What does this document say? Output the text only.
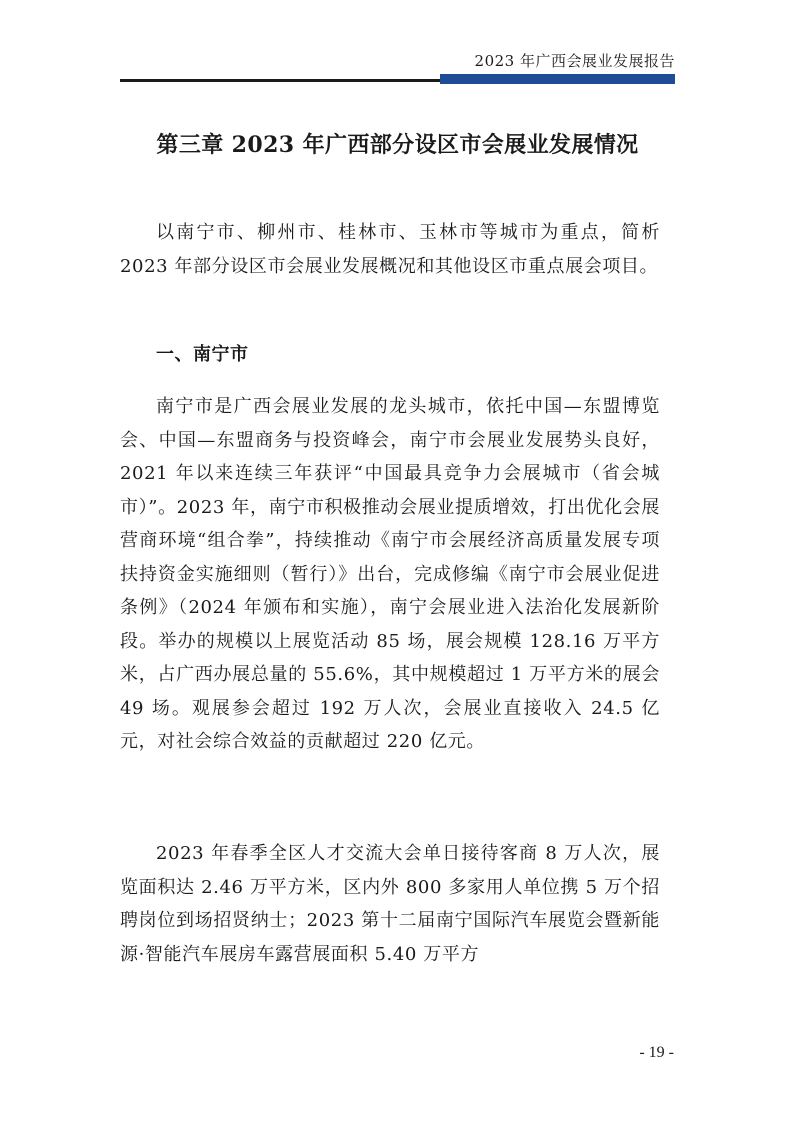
2023 年广西会展业发展报告
第三章 2023 年广西部分设区市会展业发展情况

以南宁市、柳州市、桂林市、玉林市等城市为重点，简析 2023 年部分设区市会展业发展概况和其他设区市重点展会项目。

一、南宁市

南宁市是广西会展业发展的龙头城市，依托中国—东盟博览会、中国—东盟商务与投资峰会，南宁市会展业发展势头良好，2021 年以来连续三年获评“中国最具竞争力会展城市（省会城市）”。2023 年，南宁市积极推动会展业提质增效，打出优化会展营商环境“组合拳”，持续推动《南宁市会展经济高质量发展专项扶持资金实施细则（暂行）》出台，完成修编《南宁市会展业促进条例》（2024 年颁布和实施），南宁会展业进入法治化发展新阶段。举办的规模以上展览活动 85 场，展会规模 128.16 万平方米，占广西办展总量的 55.6%，其中规模超过 1 万平方米的展会 49 场。观展参会超过 192 万人次，会展业直接收入 24.5 亿元，对社会综合效益的贡献超过 220 亿元。

2023 年春季全区人才交流大会单日接待客商 8 万人次，展览面积达 2.46 万平方米，区内外 800 多家用人单位携 5 万个招聘岗位到场招贤纳士；2023 第十二届南宁国际汽车展览会暨新能源·智能汽车展房车露营展面积 5.40 万平方

- 19 -
